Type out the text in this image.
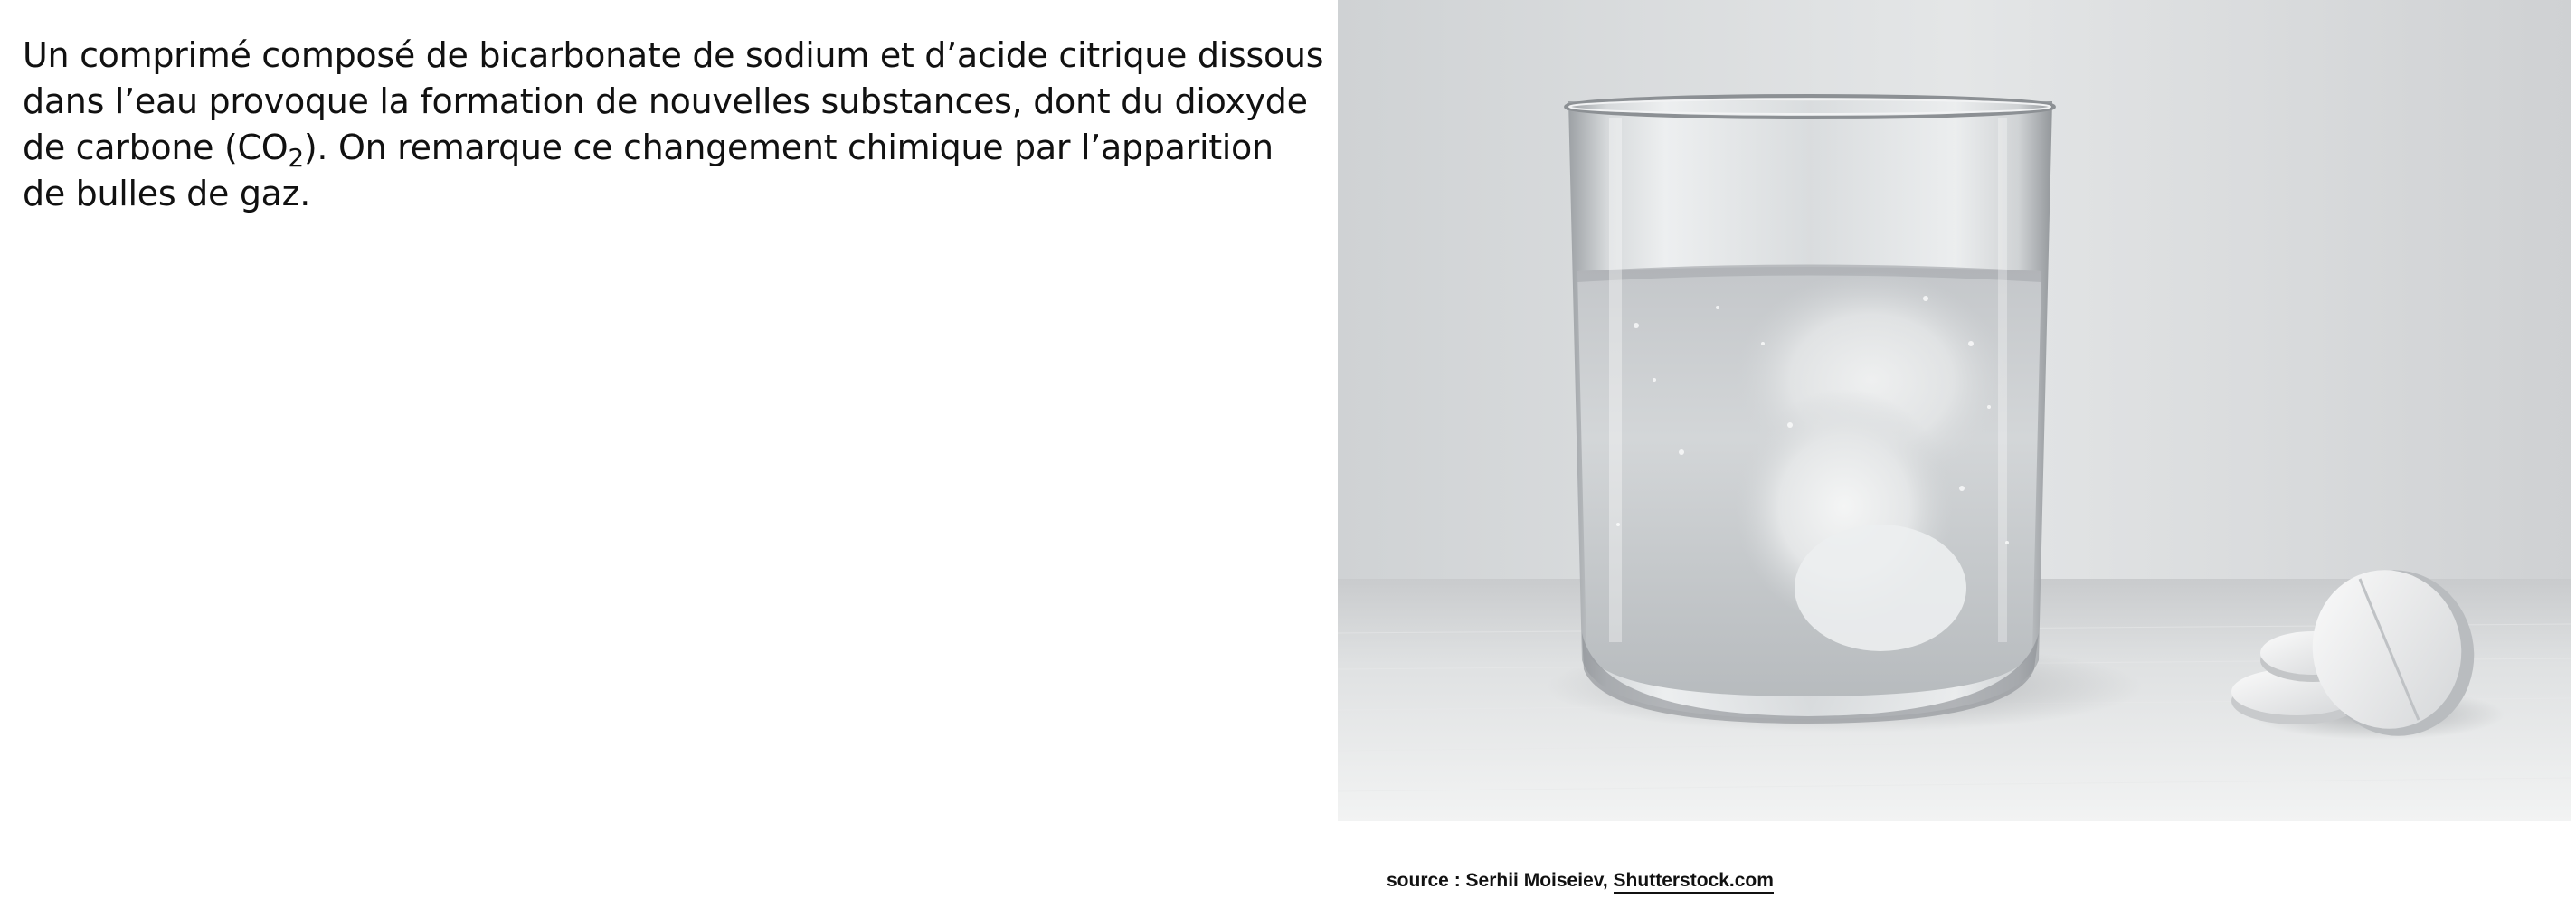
Un comprimé composé de bicarbonate de sodium et d’acide citrique dissous dans l’eau provoque la formation de nouvelles substances, dont du dioxyde de carbone $(CO_2)$. On remarque ce changement chimique par l’apparition de bulles de gaz.
source : Serhii Moiseiev, Shutterstock.com
